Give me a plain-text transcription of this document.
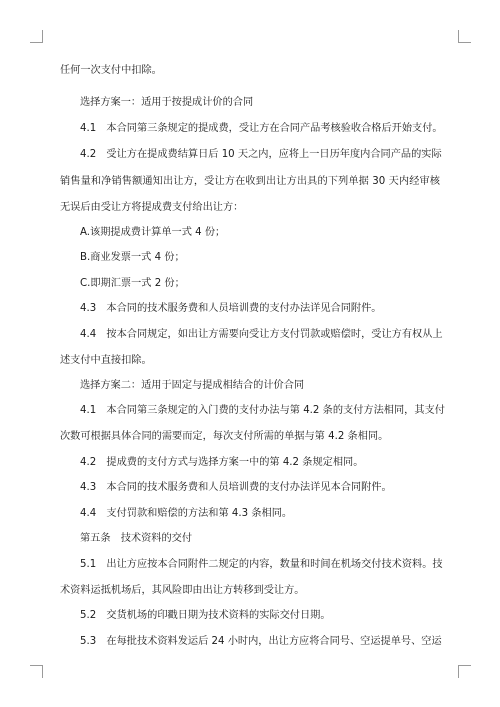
任何一次支付中扣除。
选择方案一：适用于按提成计价的合同
4.1　本合同第三条规定的提成费，受让方在合同产品考核验收合格后开始支付。
4.2　受让方在提成费结算日后 10 天之内，应将上一日历年度内合同产品的实际
销售量和净销售额通知出让方，受让方在收到出让方出具的下列单据 30 天内经审核
无误后由受让方将提成费支付给出让方：
A.该期提成费计算单一式 4 份；
B.商业发票一式 4 份；
C.即期汇票一式 2 份；
4.3　本合同的技术服务费和人员培训费的支付办法详见合同附件。
4.4　按本合同规定，如出让方需要向受让方支付罚款或赔偿时，受让方有权从上
述支付中直接扣除。
选择方案二：适用于固定与提成相结合的计价合同
4.1　本合同第三条规定的入门费的支付办法与第 4.2 条的支付方法相同，其支付
次数可根据具体合同的需要而定，每次支付所需的单据与第 4.2 条相同。
4.2　提成费的支付方式与选择方案一中的第 4.2 条规定相同。
4.3　本合同的技术服务费和人员培训费的支付办法详见本合同附件。
4.4　支付罚款和赔偿的方法和第 4.3 条相同。
第五条　技术资料的交付
5.1　出让方应按本合同附件二规定的内容，数量和时间在机场交付技术资料。技
术资料运抵机场后，其风险即由出让方转移到受让方。
5.2　交货机场的印戳日期为技术资料的实际交付日期。
5.3　在每批技术资料发运后 24 小时内，出让方应将合同号、空运提单号、空运
